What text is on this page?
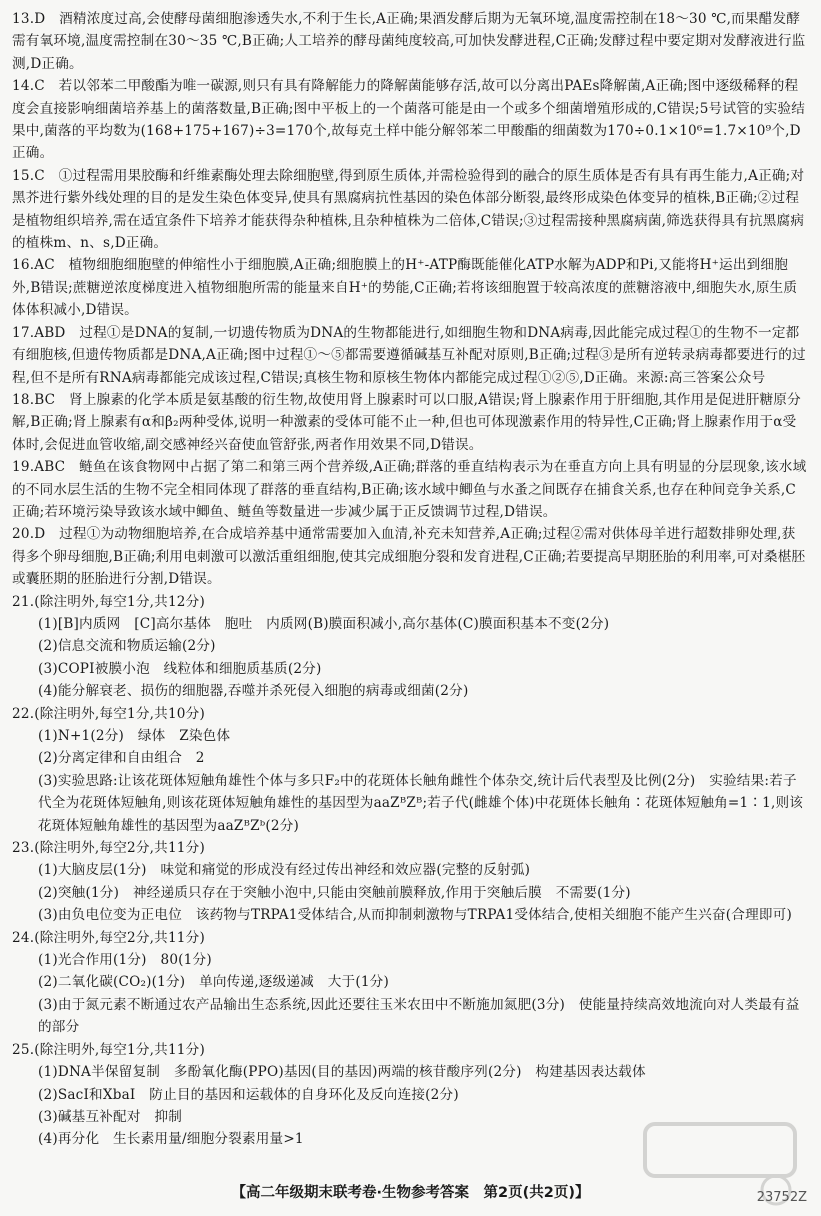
13.D　酒精浓度过高,会使酵母菌细胞渗透失水,不利于生长,A正确;果酒发酵后期为无氧环境,温度需控制在18～30 ℃,而果醋发酵需有氧环境,温度需控制在30～35 ℃,B正确;人工培养的酵母菌纯度较高,可加快发酵进程,C正确;发酵过程中要定期对发酵液进行监测,D正确。

14.C　若以邻苯二甲酸酯为唯一碳源,则只有具有降解能力的降解菌能够存活,故可以分离出PAEs降解菌,A正确;图中逐级稀释的程度会直接影响细菌培养基上的菌落数量,B正确;图中平板上的一个菌落可能是由一个或多个细菌增殖形成的,C错误;5号试管的实验结果中,菌落的平均数为(168+175+167)÷3=170个,故每克土样中能分解邻苯二甲酸酯的细菌数为170÷0.1×10⁶=1.7×10⁹个,D正确。

15.C　①过程需用果胶酶和纤维素酶处理去除细胞壁,得到原生质体,并需检验得到的融合的原生质体是否有具有再生能力,A正确;对黑芥进行紫外线处理的目的是发生染色体变异,使具有黑腐病抗性基因的染色体部分断裂,最终形成染色体变异的植株,B正确;②过程是植物组织培养,需在适宜条件下培养才能获得杂种植株,且杂种植株为二倍体,C错误;③过程需接种黑腐病菌,筛选获得具有抗黑腐病的植株m、n、s,D正确。

16.AC　植物细胞细胞壁的伸缩性小于细胞膜,A正确;细胞膜上的H⁺-ATP酶既能催化ATP水解为ADP和Pi,又能将H⁺运出到细胞外,B错误;蔗糖逆浓度梯度进入植物细胞所需的能量来自H⁺的势能,C正确;若将该细胞置于较高浓度的蔗糖溶液中,细胞失水,原生质体体积减小,D错误。

17.ABD　过程①是DNA的复制,一切遗传物质为DNA的生物都能进行,如细胞生物和DNA病毒,因此能完成过程①的生物不一定都有细胞核,但遗传物质都是DNA,A正确;图中过程①～⑤都需要遵循碱基互补配对原则,B正确;过程③是所有逆转录病毒都要进行的过程,但不是所有RNA病毒都能完成该过程,C错误;真核生物和原核生物体内都能完成过程①②⑤,D正确。来源:高三答案公众号

18.BC　肾上腺素的化学本质是氨基酸的衍生物,故使用肾上腺素时可以口服,A错误;肾上腺素作用于肝细胞,其作用是促进肝糖原分解,B正确;肾上腺素有α和β₂两种受体,说明一种激素的受体可能不止一种,但也可体现激素作用的特异性,C正确;肾上腺素作用于α受体时,会促进血管收缩,副交感神经兴奋使血管舒张,两者作用效果不同,D错误。

19.ABC　鲢鱼在该食物网中占据了第二和第三两个营养级,A正确;群落的垂直结构表示为在垂直方向上具有明显的分层现象,该水域的不同水层生活的生物不完全相同体现了群落的垂直结构,B正确;该水域中鲫鱼与水蚤之间既存在捕食关系,也存在种间竞争关系,C正确;若环境污染导致该水域中鲫鱼、鲢鱼等数量进一步减少属于正反馈调节过程,D错误。

20.D　过程①为动物细胞培养,在合成培养基中通常需要加入血清,补充未知营养,A正确;过程②需对供体母羊进行超数排卵处理,获得多个卵母细胞,B正确;利用电刺激可以激活重组细胞,使其完成细胞分裂和发育进程,C正确;若要提高早期胚胎的利用率,可对桑椹胚或囊胚期的胚胎进行分割,D错误。

21.(除注明外,每空1分,共12分)

(1)[B]内质网　[C]高尔基体　胞吐　内质网(B)膜面积减小,高尔基体(C)膜面积基本不变(2分)

(2)信息交流和物质运输(2分)

(3)COPⅠ被膜小泡　线粒体和细胞质基质(2分)

(4)能分解衰老、损伤的细胞器,吞噬并杀死侵入细胞的病毒或细菌(2分)

22.(除注明外,每空1分,共10分)

(1)N+1(2分)　绿体　Z染色体

(2)分离定律和自由组合　2

(3)实验思路:让该花斑体短触角雄性个体与多只F₂中的花斑体长触角雌性个体杂交,统计后代表型及比例(2分)　实验结果:若子代全为花斑体短触角,则该花斑体短触角雄性的基因型为aaZᴮZᴮ;若子代(雌雄个体)中花斑体长触角∶花斑体短触角=1∶1,则该花斑体短触角雄性的基因型为aaZᴮZᵇ(2分)

23.(除注明外,每空2分,共11分)

(1)大脑皮层(1分)　味觉和痛觉的形成没有经过传出神经和效应器(完整的反射弧)

(2)突触(1分)　神经递质只存在于突触小泡中,只能由突触前膜释放,作用于突触后膜　不需要(1分)

(3)由负电位变为正电位　该药物与TRPA1受体结合,从而抑制刺激物与TRPA1受体结合,使相关细胞不能产生兴奋(合理即可)

24.(除注明外,每空2分,共11分)

(1)光合作用(1分)　80(1分)

(2)二氧化碳(CO₂)(1分)　单向传递,逐级递减　大于(1分)

(3)由于氮元素不断通过农产品输出生态系统,因此还要往玉米农田中不断施加氮肥(3分)　使能量持续高效地流向对人类最有益的部分

25.(除注明外,每空1分,共11分)

(1)DNA半保留复制　多酚氧化酶(PPO)基因(目的基因)两端的核苷酸序列(2分)　构建基因表达载体

(2)SacⅠ和XbaⅠ　防止目的基因和运载体的自身环化及反向连接(2分)

(3)碱基互补配对　抑制

(4)再分化　生长素用量/细胞分裂素用量>1

【高二年级期末联考卷·生物参考答案　第2页(共2页)】	23752Z
